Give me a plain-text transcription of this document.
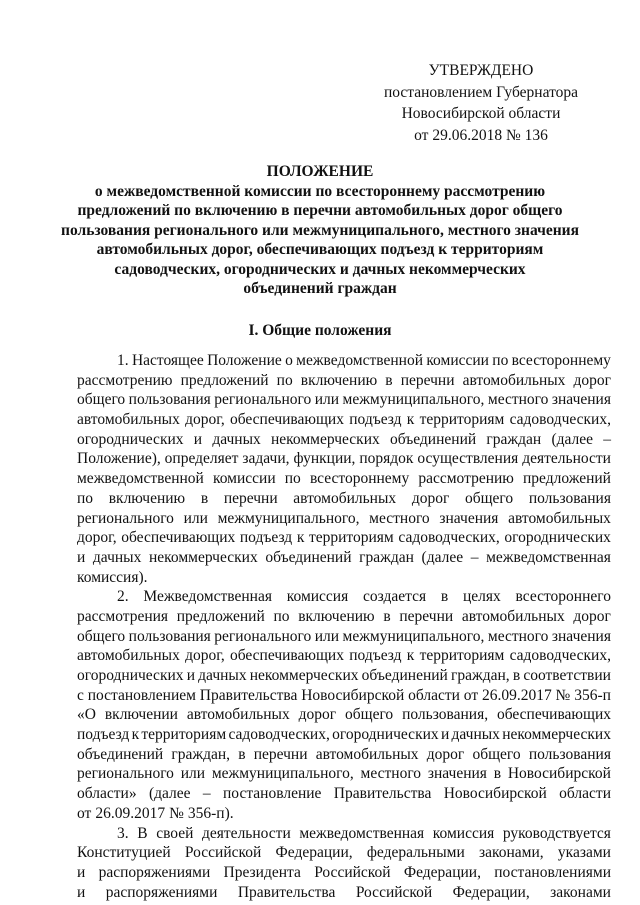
УТВЕРЖДЕНО
постановлением Губернатора
Новосибирской области
от 29.06.2018 № 136
ПОЛОЖЕНИЕ
о межведомственной комиссии по всестороннему рассмотрению
предложений по включению в перечни автомобильных дорог общего
пользования регионального или межмуниципального, местного значения
автомобильных дорог, обеспечивающих подъезд к территориям
садоводческих, огороднических и дачных некоммерческих
объединений граждан
I. Общие положения
1. Настоящее Положение о межведомственной комиссии по всестороннему
рассмотрению предложений по включению в перечни автомобильных дорог
общего пользования регионального или межмуниципального, местного значения
автомобильных дорог, обеспечивающих подъезд к территориям садоводческих,
огороднических и дачных некоммерческих объединений граждан (далее –
Положение), определяет задачи, функции, порядок осуществления деятельности
межведомственной комиссии по всестороннему рассмотрению предложений
по включению в перечни автомобильных дорог общего пользования
регионального или межмуниципального, местного значения автомобильных
дорог, обеспечивающих подъезд к территориям садоводческих, огороднических
и дачных некоммерческих объединений граждан (далее – межведомственная
комиссия).
2. Межведомственная комиссия создается в целях всестороннего
рассмотрения предложений по включению в перечни автомобильных дорог
общего пользования регионального или межмуниципального, местного значения
автомобильных дорог, обеспечивающих подъезд к территориям садоводческих,
огороднических и дачных некоммерческих объединений граждан, в соответствии
с постановлением Правительства Новосибирской области от 26.09.2017 № 356-п
«О включении автомобильных дорог общего пользования, обеспечивающих
подъезд к территориям садоводческих, огороднических и дачных некоммерческих
объединений граждан, в перечни автомобильных дорог общего пользования
регионального или межмуниципального, местного значения в Новосибирской
области» (далее – постановление Правительства Новосибирской области
от 26.09.2017 № 356-п).
3. В своей деятельности межведомственная комиссия руководствуется
Конституцией Российской Федерации, федеральными законами, указами
и распоряжениями Президента Российской Федерации, постановлениями
и распоряжениями Правительства Российской Федерации, законами
